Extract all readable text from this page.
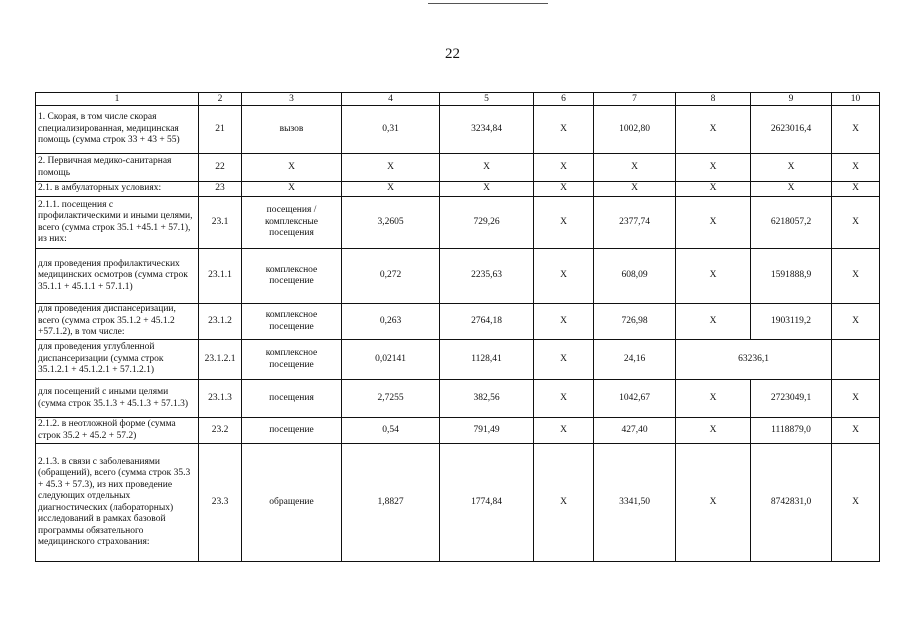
22
1	2	3	4	5	6	7	8	9	10
1. Скорая, в том числе скорая специализированная, медицинская помощь (сумма строк 33 + 43 + 55)	21	вызов	0,31	3234,84	X	1002,80	X	2623016,4	X
2. Первичная медико-санитарная помощь	22	X	X	X	X	X	X	X	X
2.1. в амбулаторных условиях:	23	X	X	X	X	X	X	X	X
2.1.1. посещения с профилактическими и иными целями, всего (сумма строк 35.1 +45.1 + 57.1), из них:	23.1	посещения / комплексные посещения	3,2605	729,26	X	2377,74	X	6218057,2	X
для проведения профилактических медицинских осмотров (сумма строк 35.1.1 + 45.1.1 + 57.1.1)	23.1.1	комплексное посещение	0,272	2235,63	X	608,09	X	1591888,9	X
для проведения диспансеризации, всего (сумма строк 35.1.2 + 45.1.2 +57.1.2), в том числе:	23.1.2	комплексное посещение	0,263	2764,18	X	726,98	X	1903119,2	X
для проведения углубленной диспансеризации (сумма строк 35.1.2.1 + 45.1.2.1 + 57.1.2.1)	23.1.2.1	комплексное посещение	0,02141	1128,41	X	24,16	63236,1		
для посещений с иными целями (сумма строк 35.1.3 + 45.1.3 + 57.1.3)	23.1.3	посещения	2,7255	382,56	X	1042,67	X	2723049,1	X
2.1.2. в неотложной форме (сумма строк 35.2 + 45.2 + 57.2)	23.2	посещение	0,54	791,49	X	427,40	X	1118879,0	X
2.1.3. в связи с заболеваниями (обращений), всего (сумма строк 35.3 + 45.3 + 57.3), из них проведение следующих отдельных диагностических (лабораторных) исследований в рамках базовой программы обязательного медицинского страхования:	23.3	обращение	1,8827	1774,84	X	3341,50	X	8742831,0	X
